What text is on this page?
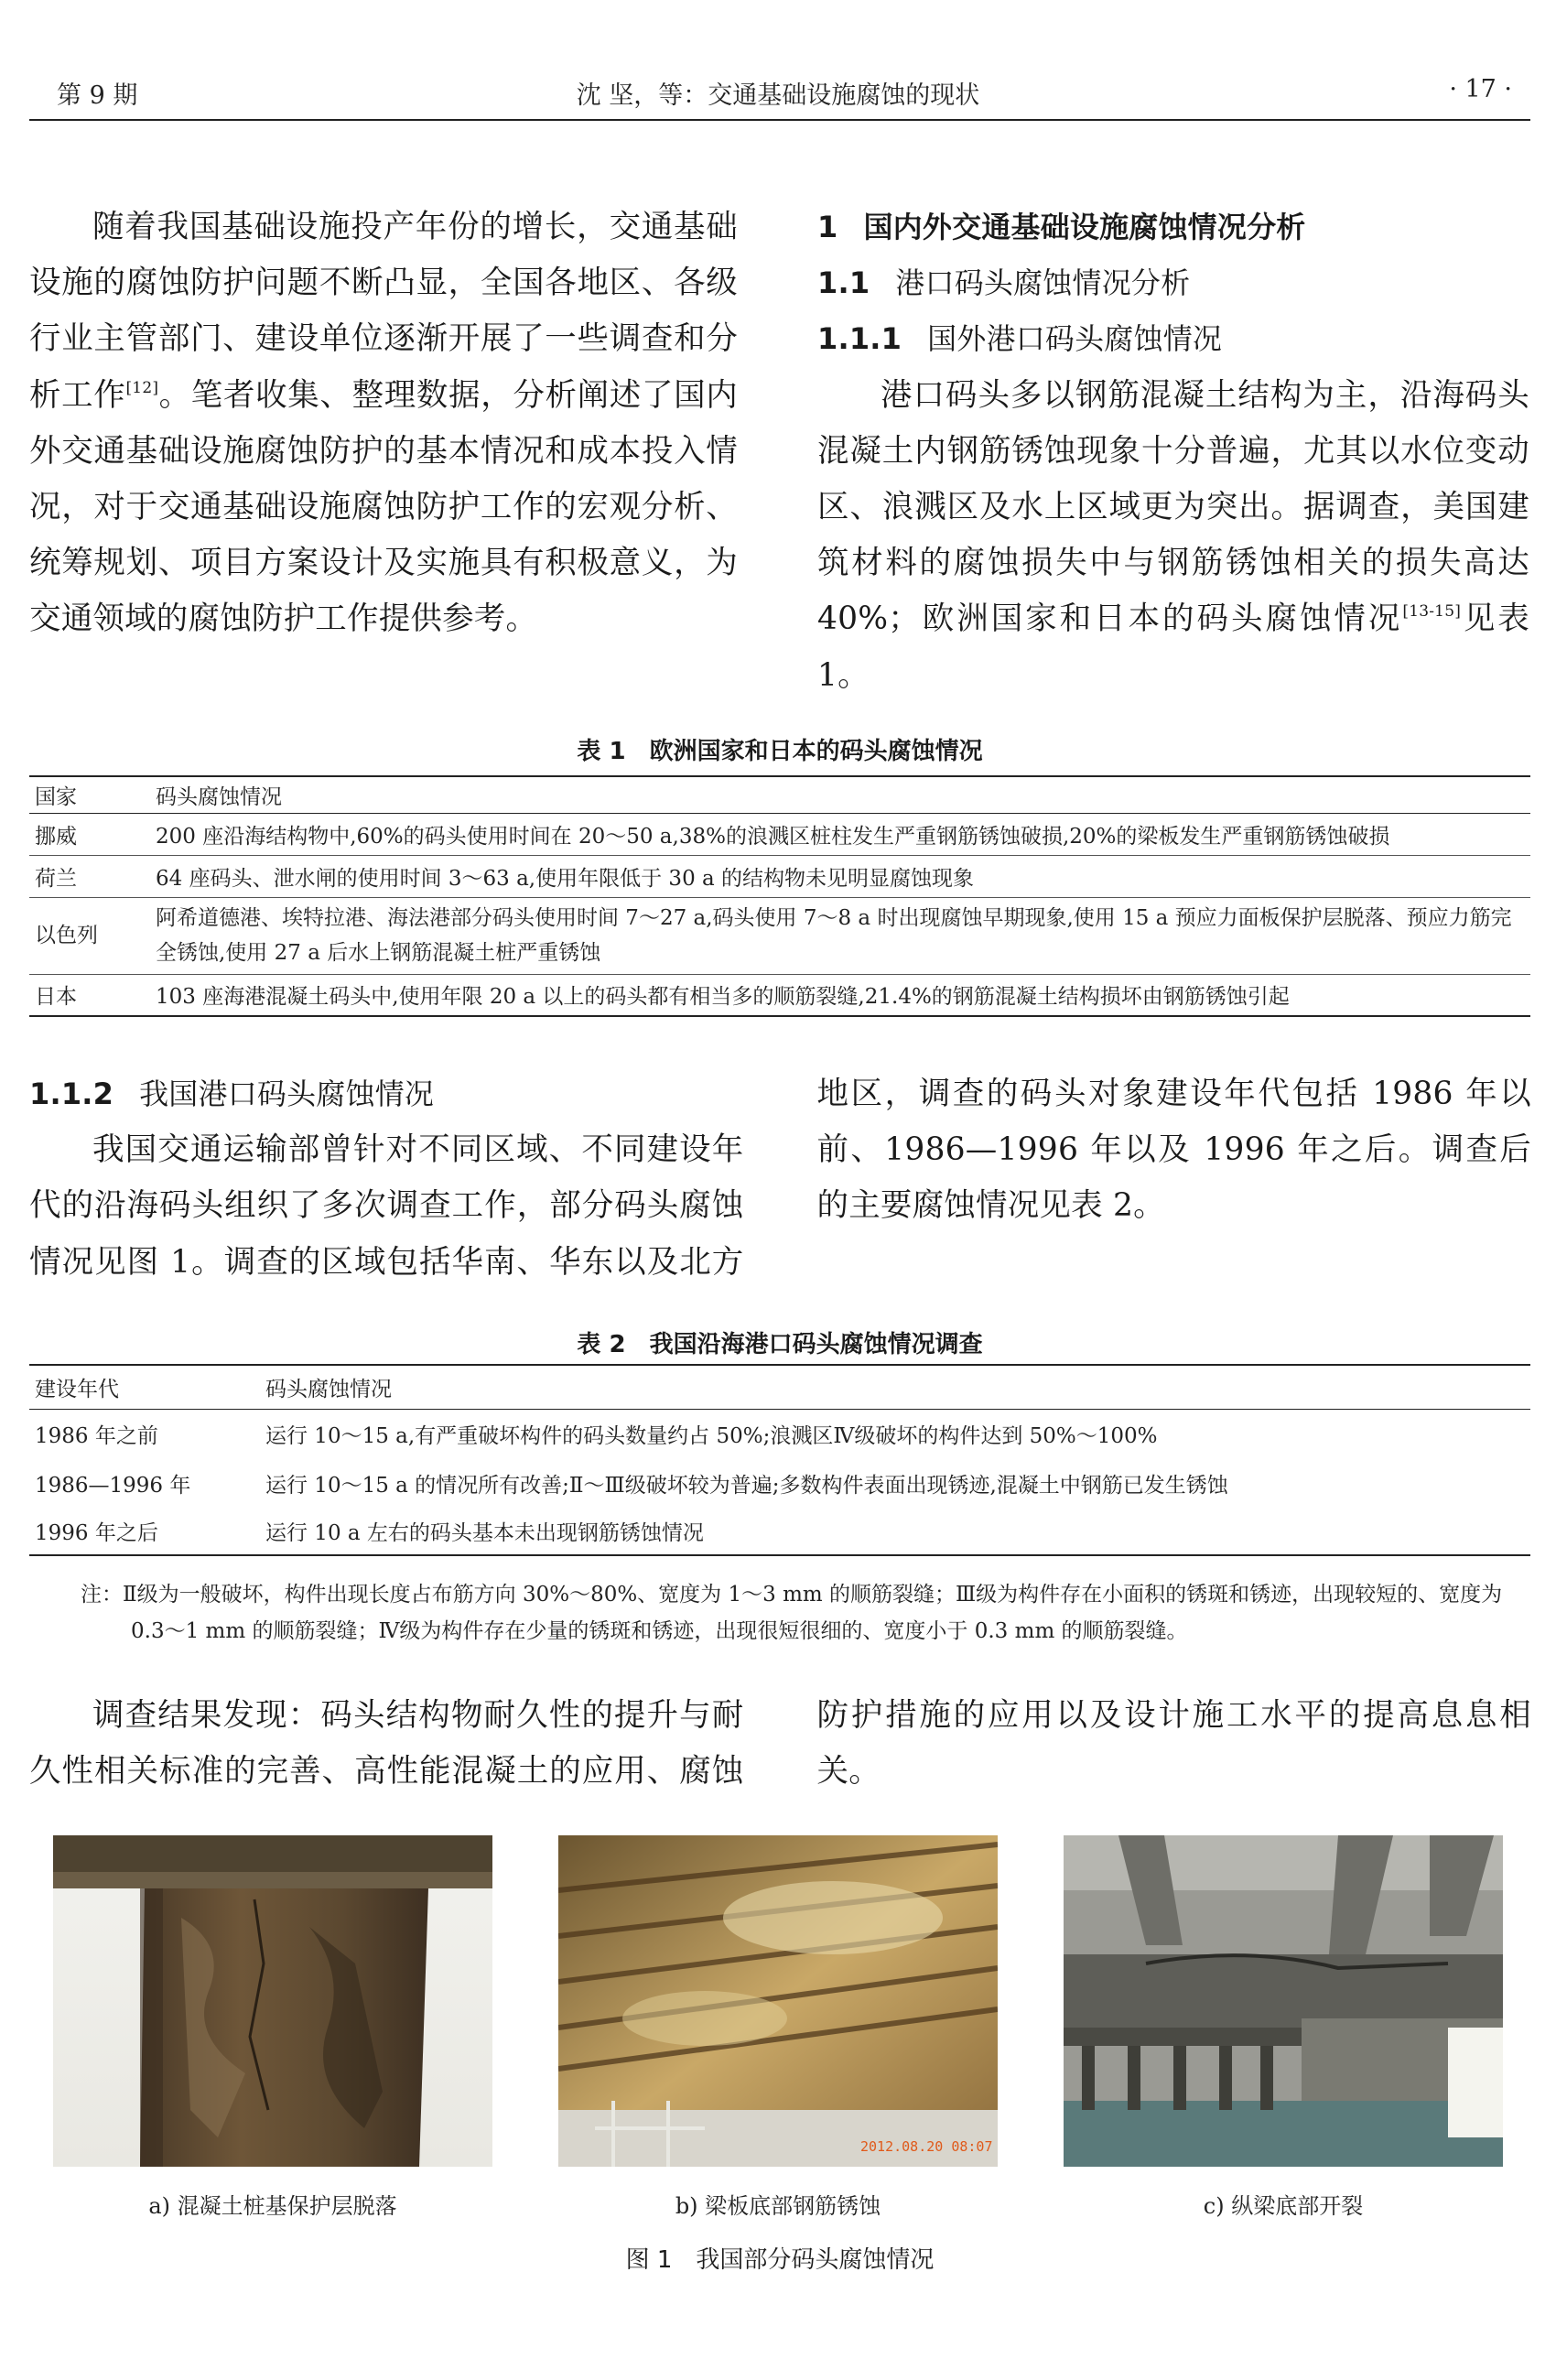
第 9 期	沈 坚，等：交通基础设施腐蚀的现状	· 17 ·

随着我国基础设施投产年份的增长，交通基础设施的腐蚀防护问题不断凸显，全国各地区、各级行业主管部门、建设单位逐渐开展了一些调查和分析工作[12]。笔者收集、整理数据，分析阐述了国内外交通基础设施腐蚀防护的基本情况和成本投入情况，对于交通基础设施腐蚀防护工作的宏观分析、统筹规划、项目方案设计及实施具有积极意义，为交通领域的腐蚀防护工作提供参考。

1 国内外交通基础设施腐蚀情况分析

1.1 港口码头腐蚀情况分析

1.1.1 国外港口码头腐蚀情况

港口码头多以钢筋混凝土结构为主，沿海码头混凝土内钢筋锈蚀现象十分普遍，尤其以水位变动区、浪溅区及水上区域更为突出。据调查，美国建筑材料的腐蚀损失中与钢筋锈蚀相关的损失高达 40%；欧洲国家和日本的码头腐蚀情况[13-15]见表 1。

表 1　欧洲国家和日本的码头腐蚀情况
国家	码头腐蚀情况
挪威	200 座沿海结构物中,60%的码头使用时间在 20～50 a,38%的浪溅区桩柱发生严重钢筋锈蚀破损,20%的梁板发生严重钢筋锈蚀破损
荷兰	64 座码头、泄水闸的使用时间 3～63 a,使用年限低于 30 a 的结构物未见明显腐蚀现象
以色列	阿希道德港、埃特拉港、海法港部分码头使用时间 7～27 a,码头使用 7～8 a 时出现腐蚀早期现象,使用 15 a 预应力面板保护层脱落、预应力筋完全锈蚀,使用 27 a 后水上钢筋混凝土桩严重锈蚀
日本	103 座海港混凝土码头中,使用年限 20 a 以上的码头都有相当多的顺筋裂缝,21.4%的钢筋混凝土结构损坏由钢筋锈蚀引起

1.1.2 我国港口码头腐蚀情况

我国交通运输部曾针对不同区域、不同建设年代的沿海码头组织了多次调查工作，部分码头腐蚀情况见图 1。调查的区域包括华南、华东以及北方地区，调查的码头对象建设年代包括 1986 年以前、1986—1996 年以及 1996 年之后。调查后的主要腐蚀情况见表 2。

表 2　我国沿海港口码头腐蚀情况调查
建设年代	码头腐蚀情况
1986 年之前	运行 10～15 a,有严重破坏构件的码头数量约占 50%;浪溅区Ⅳ级破坏的构件达到 50%～100%
1986—1996 年	运行 10～15 a 的情况所有改善;Ⅱ～Ⅲ级破坏较为普遍;多数构件表面出现锈迹,混凝土中钢筋已发生锈蚀
1996 年之后	运行 10 a 左右的码头基本未出现钢筋锈蚀情况
注：Ⅱ级为一般破坏，构件出现长度占布筋方向 30%～80%、宽度为 1～3 mm 的顺筋裂缝；Ⅲ级为构件存在小面积的锈斑和锈迹，出现较短的、宽度为 0.3～1 mm 的顺筋裂缝；Ⅳ级为构件存在少量的锈斑和锈迹，出现很短很细的、宽度小于 0.3 mm 的顺筋裂缝。

调查结果发现：码头结构物耐久性的提升与耐久性相关标准的完善、高性能混凝土的应用、腐蚀防护措施的应用以及设计施工水平的提高息息相关。

2012.08.20 08:07
a) 混凝土桩基保护层脱落	b) 梁板底部钢筋锈蚀	c) 纵梁底部开裂
图 1　我国部分码头腐蚀情况
